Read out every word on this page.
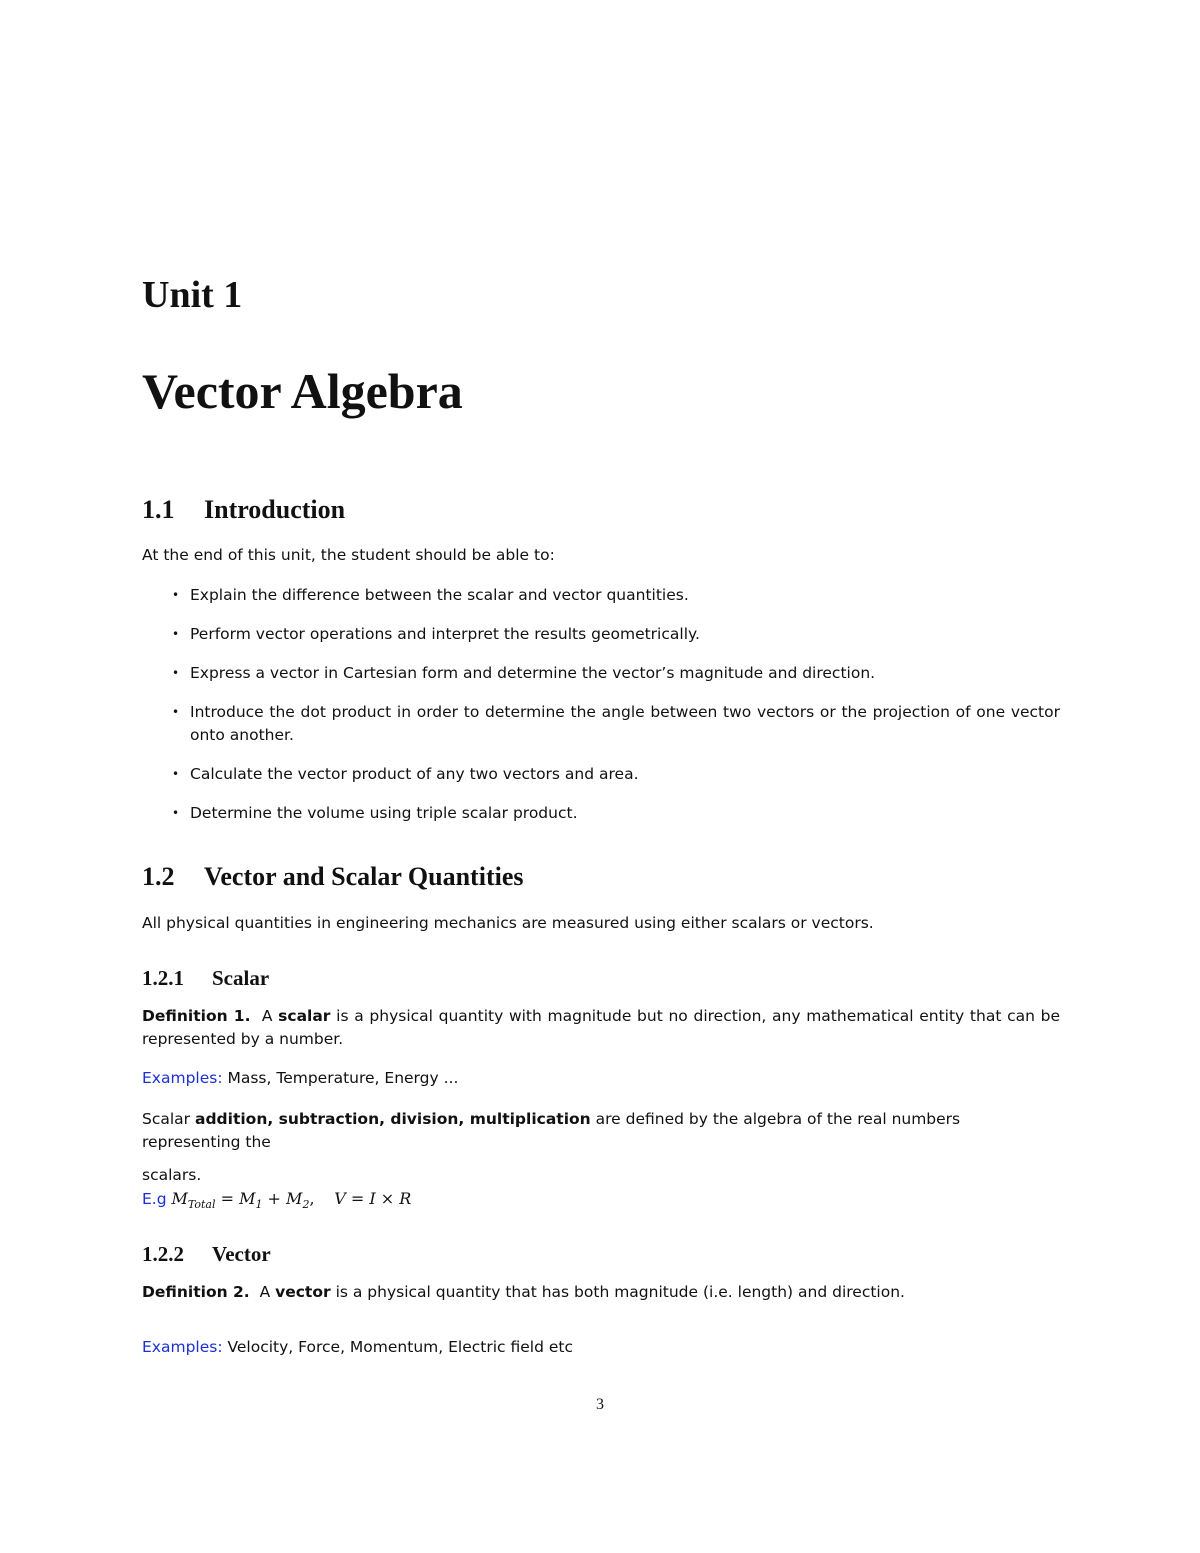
Unit 1
Vector Algebra
1.1 Introduction
At the end of this unit, the student should be able to:
• Explain the difference between the scalar and vector quantities.
• Perform vector operations and interpret the results geometrically.
• Express a vector in Cartesian form and determine the vector’s magnitude and direction.
• Introduce the dot product in order to determine the angle between two vectors or the projection of one vector onto another.
• Calculate the vector product of any two vectors and area.
• Determine the volume using triple scalar product.
1.2 Vector and Scalar Quantities
All physical quantities in engineering mechanics are measured using either scalars or vectors.
1.2.1 Scalar
Definition 1. A scalar is a physical quantity with magnitude but no direction, any mathematical entity that can be represented by a number.
Examples: Mass, Temperature, Energy ...
Scalar addition, subtraction, division, multiplication are defined by the algebra of the real numbers representing the
scalars.
E.g $M_{Total} = M_1 + M_2$, V = I × R
1.2.2 Vector
Definition 2. A vector is a physical quantity that has both magnitude (i.e. length) and direction.
Examples: Velocity, Force, Momentum, Electric field etc
3
